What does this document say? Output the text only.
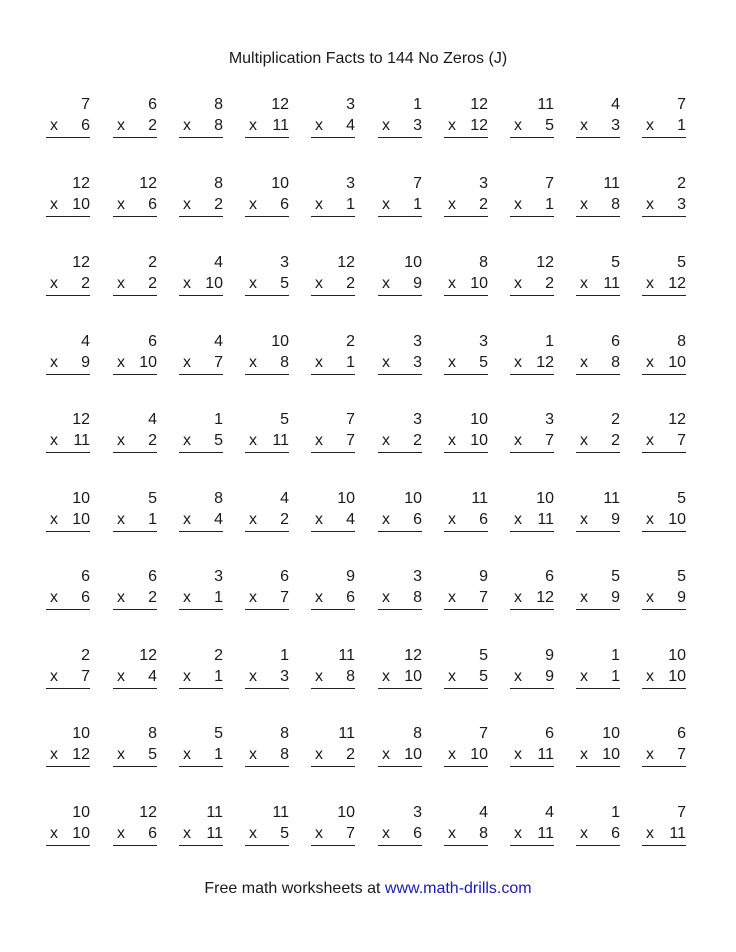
Multiplication Facts to 144 No Zeros (J)
7
x 6
6
x 2
8
x 8
12
x 11
3
x 4
1
x 3
12
x 12
11
x 5
4
x 3
7
x 1
12
x 10
12
x 6
8
x 2
10
x 6
3
x 1
7
x 1
3
x 2
7
x 1
11
x 8
2
x 3
12
x 2
2
x 2
4
x 10
3
x 5
12
x 2
10
x 9
8
x 10
12
x 2
5
x 11
5
x 12
4
x 9
6
x 10
4
x 7
10
x 8
2
x 1
3
x 3
3
x 5
1
x 12
6
x 8
8
x 10
12
x 11
4
x 2
1
x 5
5
x 11
7
x 7
3
x 2
10
x 10
3
x 7
2
x 2
12
x 7
10
x 10
5
x 1
8
x 4
4
x 2
10
x 4
10
x 6
11
x 6
10
x 11
11
x 9
5
x 10
6
x 6
6
x 2
3
x 1
6
x 7
9
x 6
3
x 8
9
x 7
6
x 12
5
x 9
5
x 9
2
x 7
12
x 4
2
x 1
1
x 3
11
x 8
12
x 10
5
x 5
9
x 9
1
x 1
10
x 10
10
x 12
8
x 5
5
x 1
8
x 8
11
x 2
8
x 10
7
x 10
6
x 11
10
x 10
6
x 7
10
x 10
12
x 6
11
x 11
11
x 5
10
x 7
3
x 6
4
x 8
4
x 11
1
x 6
7
x 11
Free math worksheets at www.math-drills.com
